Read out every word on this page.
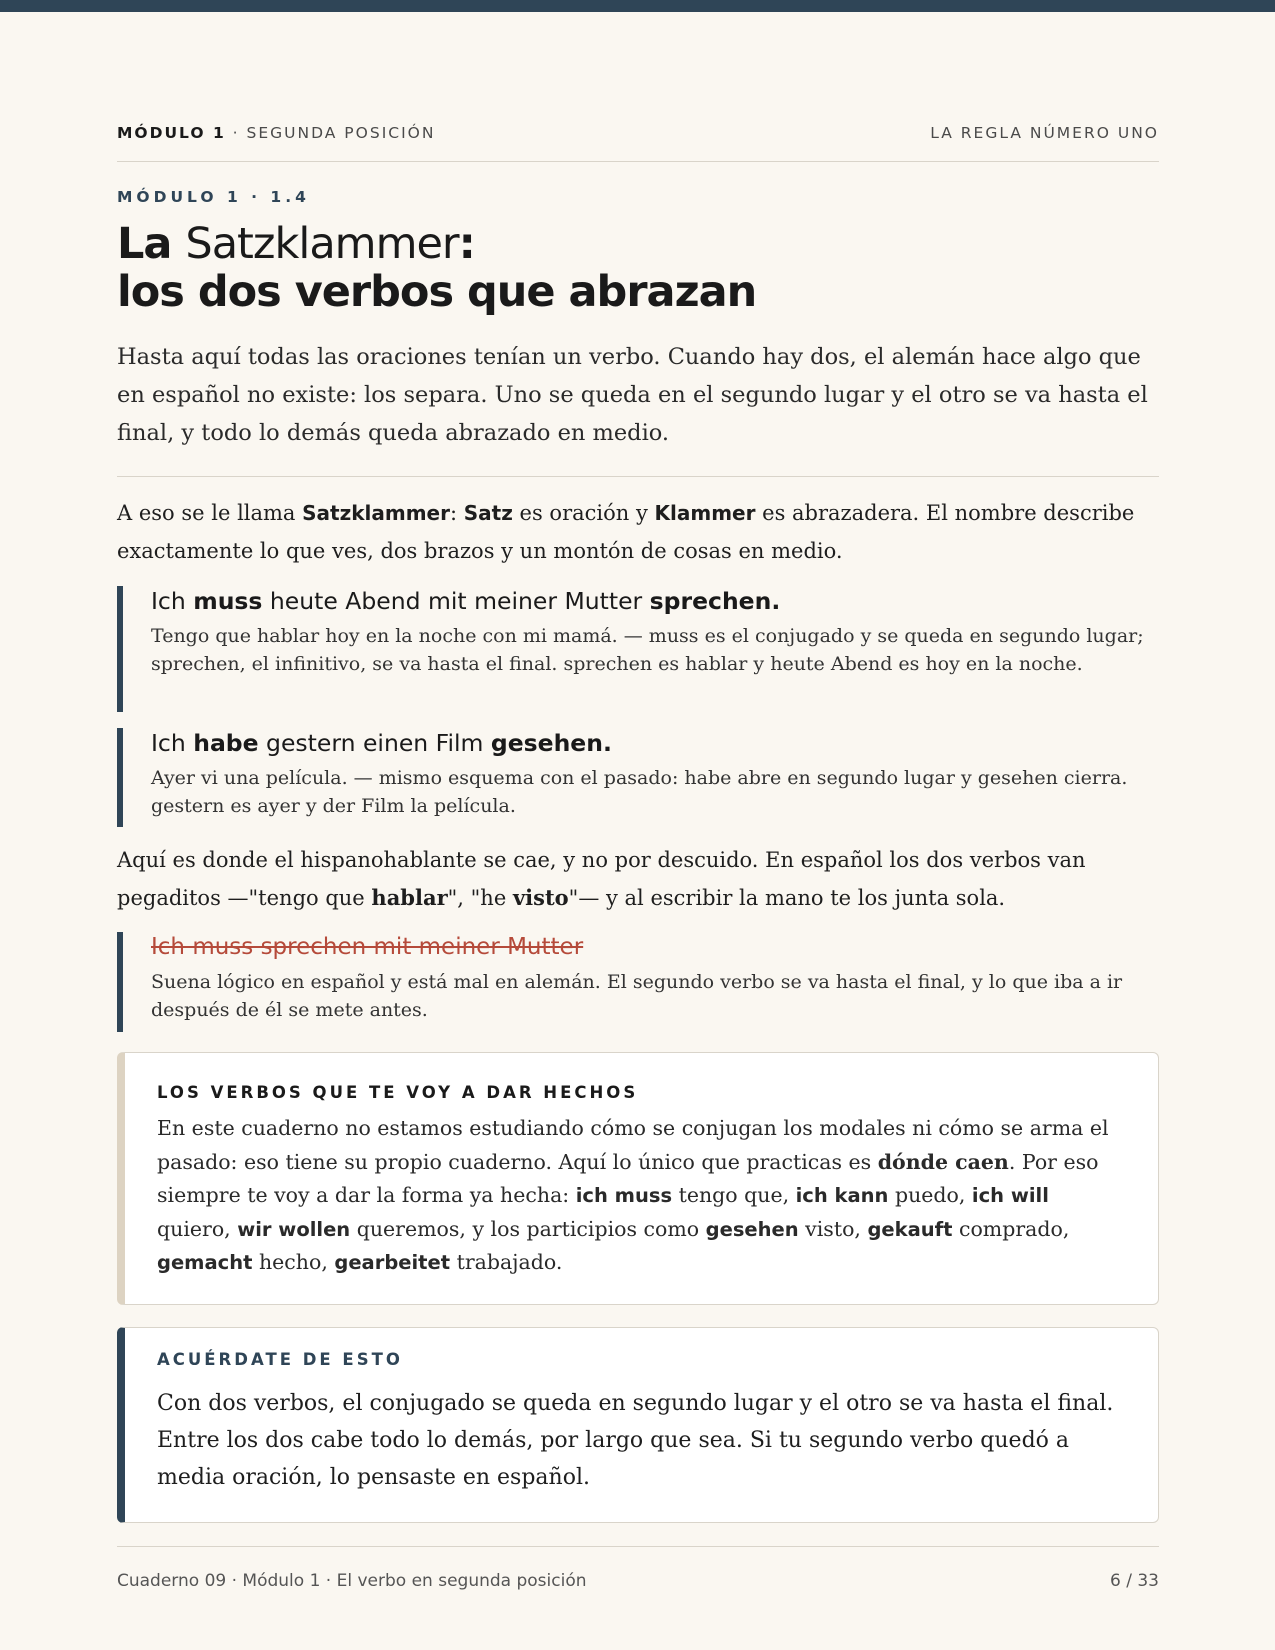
MÓDULO 1 · SEGUNDA POSICIÓN	LA REGLA NÚMERO UNO
MÓDULO 1 · 1.4
La Satzklammer:
los dos verbos que abrazan

Hasta aquí todas las oraciones tenían un verbo. Cuando hay dos, el alemán hace algo que en español no existe: los separa. Uno se queda en el segundo lugar y el otro se va hasta el final, y todo lo demás queda abrazado en medio.

A eso se le llama Satzklammer: Satz es oración y Klammer es abrazadera. El nombre describe exactamente lo que ves, dos brazos y un montón de cosas en medio.

Ich muss heute Abend mit meiner Mutter sprechen.
Tengo que hablar hoy en la noche con mi mamá. — muss es el conjugado y se queda en segundo lugar; sprechen, el infinitivo, se va hasta el final. sprechen es hablar y heute Abend es hoy en la noche.
Ich habe gestern einen Film gesehen.
Ayer vi una película. — mismo esquema con el pasado: habe abre en segundo lugar y gesehen cierra. gestern es ayer y der Film la película.

Aquí es donde el hispanohablante se cae, y no por descuido. En español los dos verbos van pegaditos —"tengo que hablar", "he visto"— y al escribir la mano te los junta sola.

Ich muss sprechen mit meiner Mutter
Suena lógico en español y está mal en alemán. El segundo verbo se va hasta el final, y lo que iba a ir después de él se mete antes.
LOS VERBOS QUE TE VOY A DAR HECHOS
En este cuaderno no estamos estudiando cómo se conjugan los modales ni cómo se arma el pasado: eso tiene su propio cuaderno. Aquí lo único que practicas es dónde caen. Por eso siempre te voy a dar la forma ya hecha: ich muss tengo que, ich kann puedo, ich will quiero, wir wollen queremos, y los participios como gesehen visto, gekauft comprado, gemacht hecho, gearbeitet trabajado.
ACUÉRDATE DE ESTO
Con dos verbos, el conjugado se queda en segundo lugar y el otro se va hasta el final. Entre los dos cabe todo lo demás, por largo que sea. Si tu segundo verbo quedó a media oración, lo pensaste en español.
Cuaderno 09 · Módulo 1 · El verbo en segunda posición	6 / 33
